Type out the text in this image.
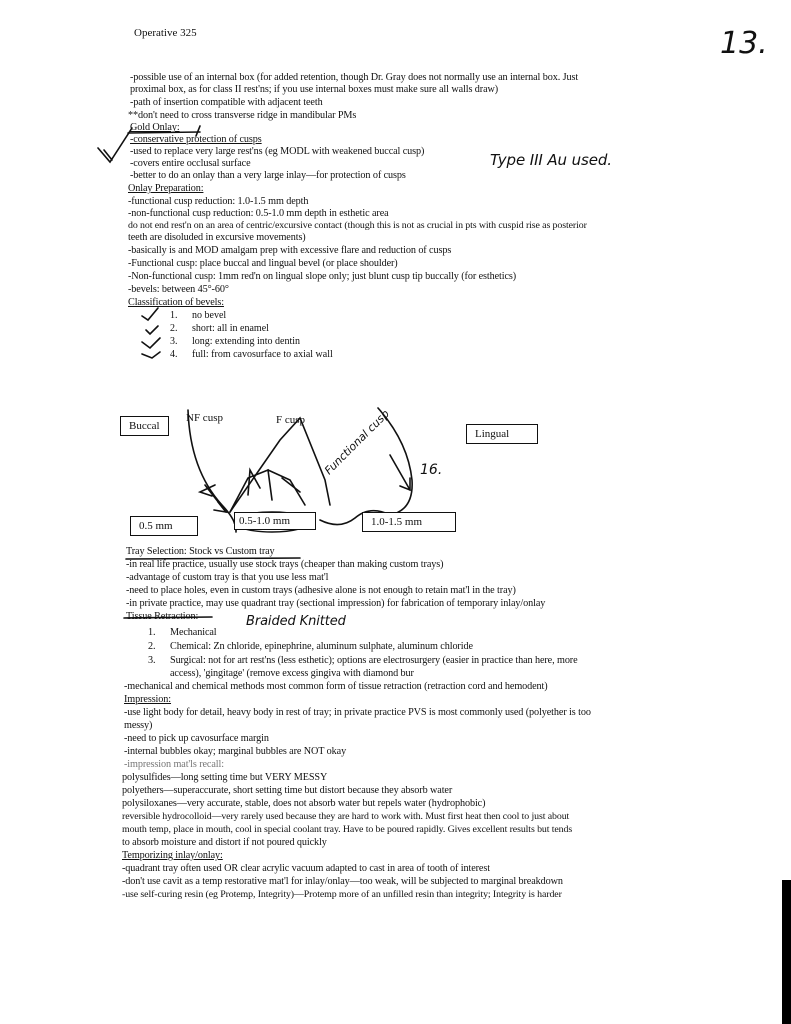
Operative 325	13.
-possible use of an internal box (for added retention, though Dr. Gray does not normally use an internal box. Just
proximal box, as for class II rest'ns; if you use internal boxes must make sure all walls draw)
-path of insertion compatible with adjacent teeth
**don't need to cross transverse ridge in mandibular PMs
Gold Onlay:
-conservative protection of cusps
-used to replace very large rest'ns (eg MODL with weakened buccal cusp)
-covers entire occlusal surface
-better to do an onlay than a very large inlay—for protection of cusps
Type III Au used.
Onlay Preparation:
-functional cusp reduction: 1.0-1.5 mm depth
-non-functional cusp reduction: 0.5-1.0 mm depth in esthetic area
do not end rest'n on an area of centric/excursive contact (though this is not as crucial in pts with cuspid rise as posterior
teeth are disoluded in excursive movements)
-basically is and MOD amalgam prep with excessive flare and reduction of cusps
-Functional cusp: place buccal and lingual bevel (or place shoulder)
-Non-functional cusp: 1mm red'n on lingual slope only; just blunt cusp tip buccally (for esthetics)
-bevels: between 45°-60°
Classification of bevels:
1. no bevel
2. short: all in enamel
3. long: extending into dentin
4. full: from cavosurface to axial wall
Buccal
Lingual
NF cusp	F cusp
0.5 mm	0.5-1.0 mm	1.0-1.5 mm
Functional cusp 16.
Tray Selection: Stock vs Custom tray
-in real life practice, usually use stock trays (cheaper than making custom trays)
-advantage of custom tray is that you use less mat'l
-need to place holes, even in custom trays (adhesive alone is not enough to retain mat'l in the tray)
-in private practice, may use quadrant tray (sectional impression) for fabrication of temporary inlay/onlay
Tissue Retraction:	Braided Knitted
1. Mechanical
2. Chemical: Zn chloride, epinephrine, aluminum sulphate, aluminum chloride
3. Surgical: not for art rest'ns (less esthetic); options are electrosurgery (easier in practice than here, more
access), 'gingitage' (remove excess gingiva with diamond bur
-mechanical and chemical methods most common form of tissue retraction (retraction cord and hemodent)
Impression:
-use light body for detail, heavy body in rest of tray; in private practice PVS is most commonly used (polyether is too
messy)
-need to pick up cavosurface margin
-internal bubbles okay; marginal bubbles are NOT okay
-impression mat'ls recall:
polysulfides—long setting time but VERY MESSY
polyethers—superaccurate, short setting time but distort because they absorb water
polysiloxanes—very accurate, stable, does not absorb water but repels water (hydrophobic)
reversible hydrocolloid—very rarely used because they are hard to work with. Must first heat then cool to just about
mouth temp, place in mouth, cool in special coolant tray. Have to be poured rapidly. Gives excellent results but tends
to absorb moisture and distort if not poured quickly
Temporizing inlay/onlay:
-quadrant tray often used OR clear acrylic vacuum adapted to cast in area of tooth of interest
-don't use cavit as a temp restorative mat'l for inlay/onlay—too weak, will be subjected to marginal breakdown
-use self-curing resin (eg Protemp, Integrity)—Protemp more of an unfilled resin than integrity; Integrity is harder
